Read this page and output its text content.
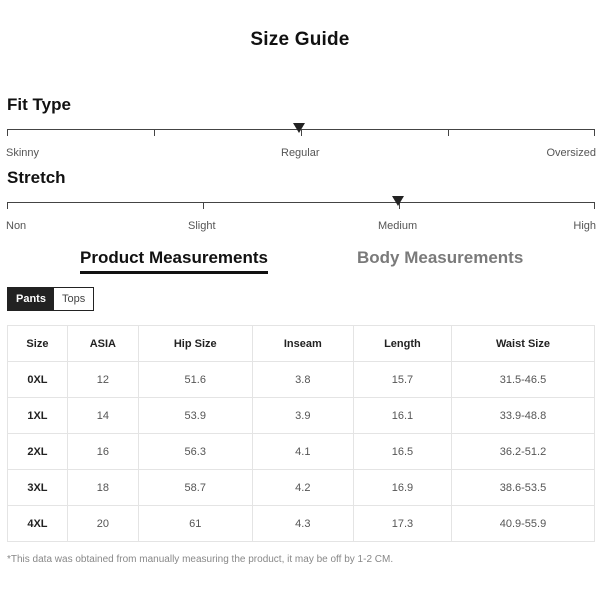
Size Guide
Fit Type
Skinny	Regular	Oversized
Stretch
Non	Slight	Medium	High
Product Measurements	Body Measurements
Pants	Tops
Size	ASIA	Hip Size	Inseam	Length	Waist Size
0XL	12	51.6	3.8	15.7	31.5-46.5
1XL	14	53.9	3.9	16.1	33.9-48.8
2XL	16	56.3	4.1	16.5	36.2-51.2
3XL	18	58.7	4.2	16.9	38.6-53.5
4XL	20	61	4.3	17.3	40.9-55.9
*This data was obtained from manually measuring the product, it may be off by 1-2 CM.
